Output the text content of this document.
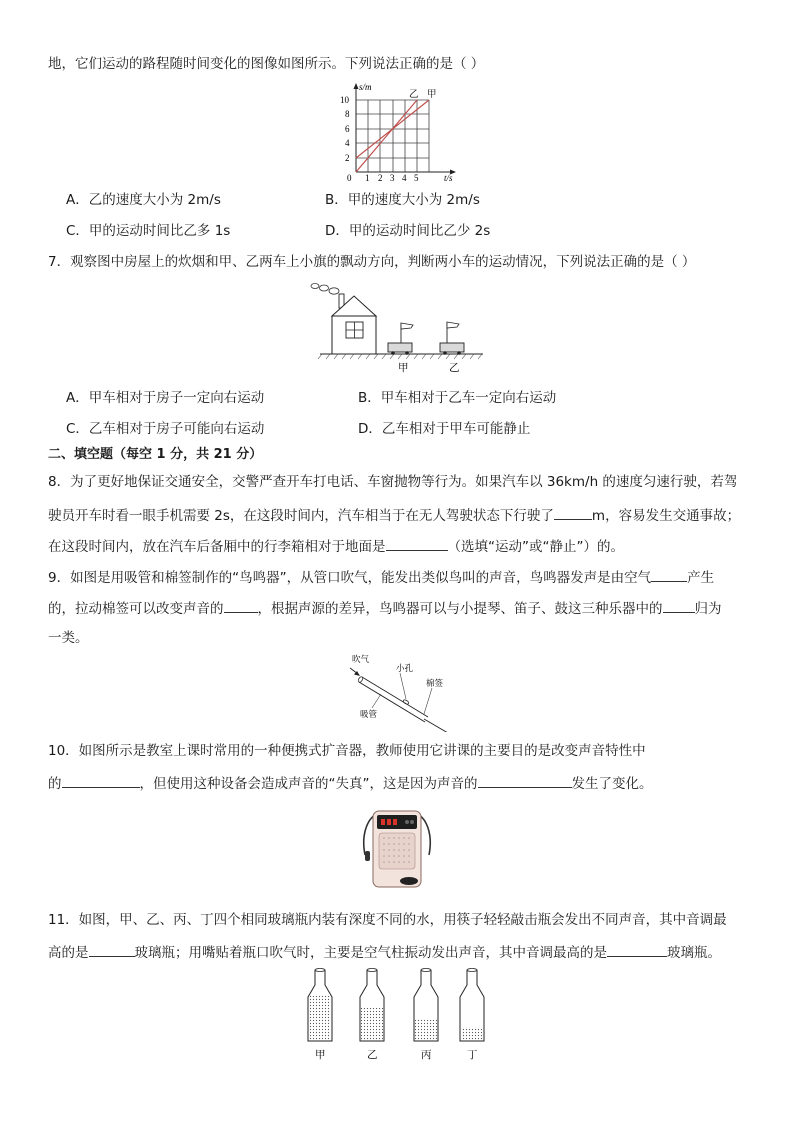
地，它们运动的路程随时间变化的图像如图所示。下列说法正确的是（ ）
s/m
t/s
2
4
6
8
10
0 1 2 3 4 5
乙 甲
A．乙的速度大小为 2m/s	B．甲的速度大小为 2m/s
C．甲的运动时间比乙多 1s	D．甲的运动时间比乙少 2s
7．观察图中房屋上的炊烟和甲、乙两车上小旗的飘动方向，判断两小车的运动情况，下列说法正确的是（ ）
甲	乙
A．甲车相对于房子一定向右运动	B．甲车相对于乙车一定向右运动
C．乙车相对于房子可能向右运动	D．乙车相对于甲车可能静止
二、填空题（每空 1 分，共 21 分）
8．为了更好地保证交通安全，交警严查开车打电话、车窗抛物等行为。如果汽车以 36km/h 的速度匀速行驶，若驾
驶员开车时看一眼手机需要 2s，在这段时间内，汽车相当于在无人驾驶状态下行驶了	m，容易发生交通事故；
在这段时间内，放在汽车后备厢中的行李箱相对于地面是	（选填“运动”或“静止”）的。
9．如图是用吸管和棉签制作的“鸟鸣器”，从管口吹气，能发出类似鸟叫的声音，鸟鸣器发声是由空气	产生
的，拉动棉签可以改变声音的	，根据声源的差异，鸟鸣器可以与小提琴、笛子、鼓这三种乐器中的 归为
一类。
吹气
小孔
棉签
吸管
10．如图所示是教室上课时常用的一种便携式扩音器，教师使用它讲课的主要目的是改变声音特性中
的	，但使用这种设备会造成声音的“失真”，这是因为声音的	发生了变化。
11．如图，甲、乙、丙、丁四个相同玻璃瓶内装有深度不同的水，用筷子轻轻敲击瓶会发出不同声音，其中音调最
高的是	玻璃瓶；用嘴贴着瓶口吹气时，主要是空气柱振动发出声音，其中音调最高的是	玻璃瓶。
甲	乙	丙	丁
